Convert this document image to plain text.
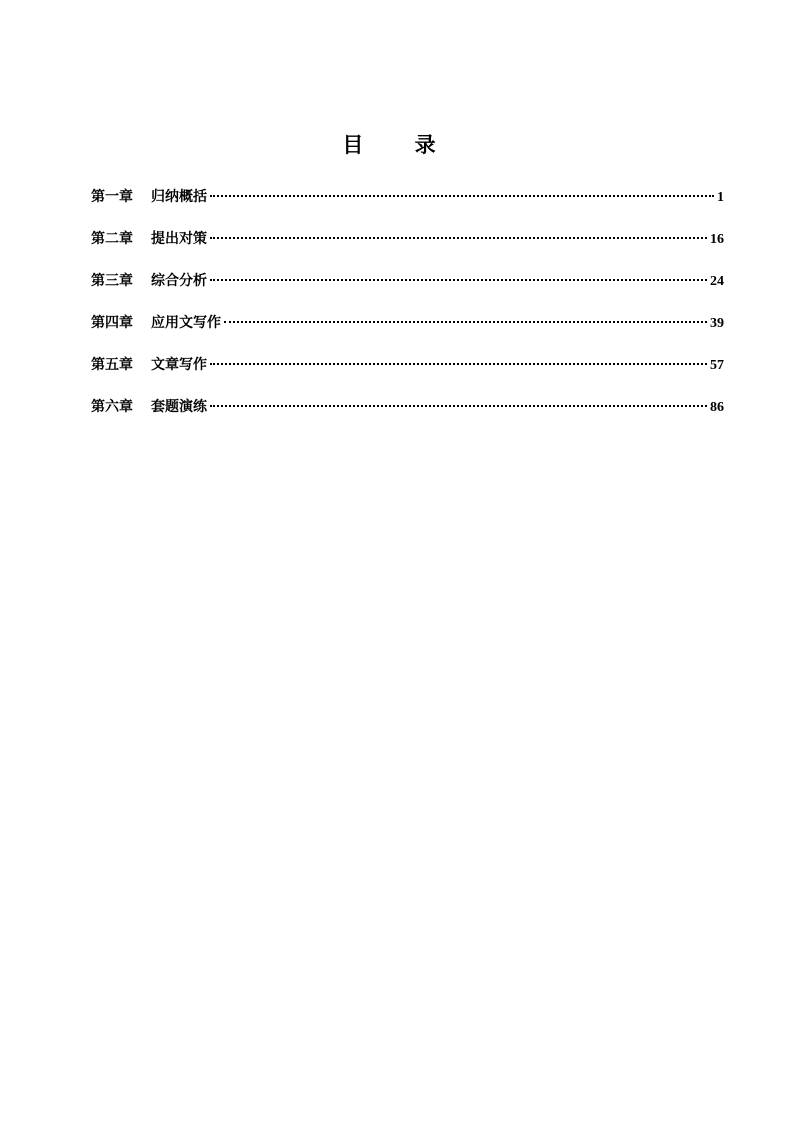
目 录
第一章 归纳概括	1
第二章 提出对策	16
第三章 综合分析	24
第四章 应用文写作	39
第五章 文章写作	57
第六章 套题演练	86
